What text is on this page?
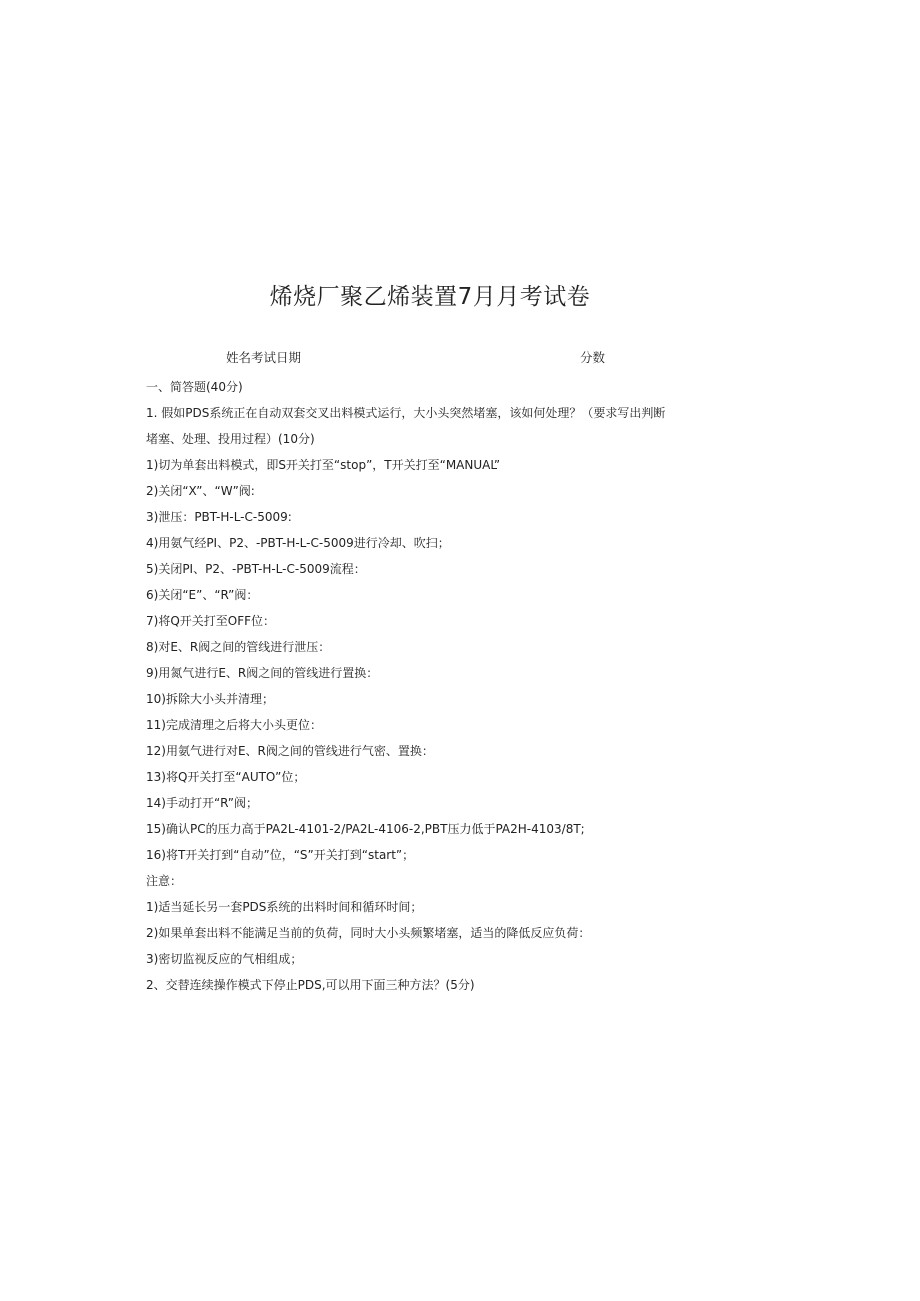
烯烧厂聚乙烯装置7月月考试卷
姓名考试日期	分数
一、简答题(40分)
1. 假如PDS系统正在自动双套交叉出料模式运行，大小头突然堵塞，该如何处理？（要求写出判断
堵塞、处理、投用过程）(10分)
1)切为单套出料模式，即S开关打至“stop”，T开关打至“MANUAL”
2)关闭“X”、“W”阀:
3)泄压：PBT-H-L-C-5009:
4)用氨气经PI、P2、-PBT-H-L-C-5009进行冷却、吹扫；
5)关闭PI、P2、-PBT-H-L-C-5009流程：
6)关闭“E”、“R”阀：
7)将Q开关打至OFF位：
8)对E、R阀之间的管线进行泄压：
9)用氮气进行E、R阀之间的管线进行置换：
10)拆除大小头并清理；
11)完成清理之后将大小头更位：
12)用氨气进行对E、R阀之间的管线进行气密、置换：
13)将Q开关打至“AUTO”位；
14)手动打开“R”阀；
15)确认PC的压力高于PA2L-4101-2/PA2L-4106-2,PBT压力低于PA2H-4103/8T;
16)将T开关打到“自动”位，“S”开关打到“start”；
注意：
1)适当延长另一套PDS系统的出料时间和循环时间；
2)如果单套出料不能满足当前的负荷，同时大小头频繁堵塞，适当的降低反应负荷：
3)密切监视反应的气相组成；
2、交替连续操作模式下停止PDS,可以用下面三种方法？(5分)
